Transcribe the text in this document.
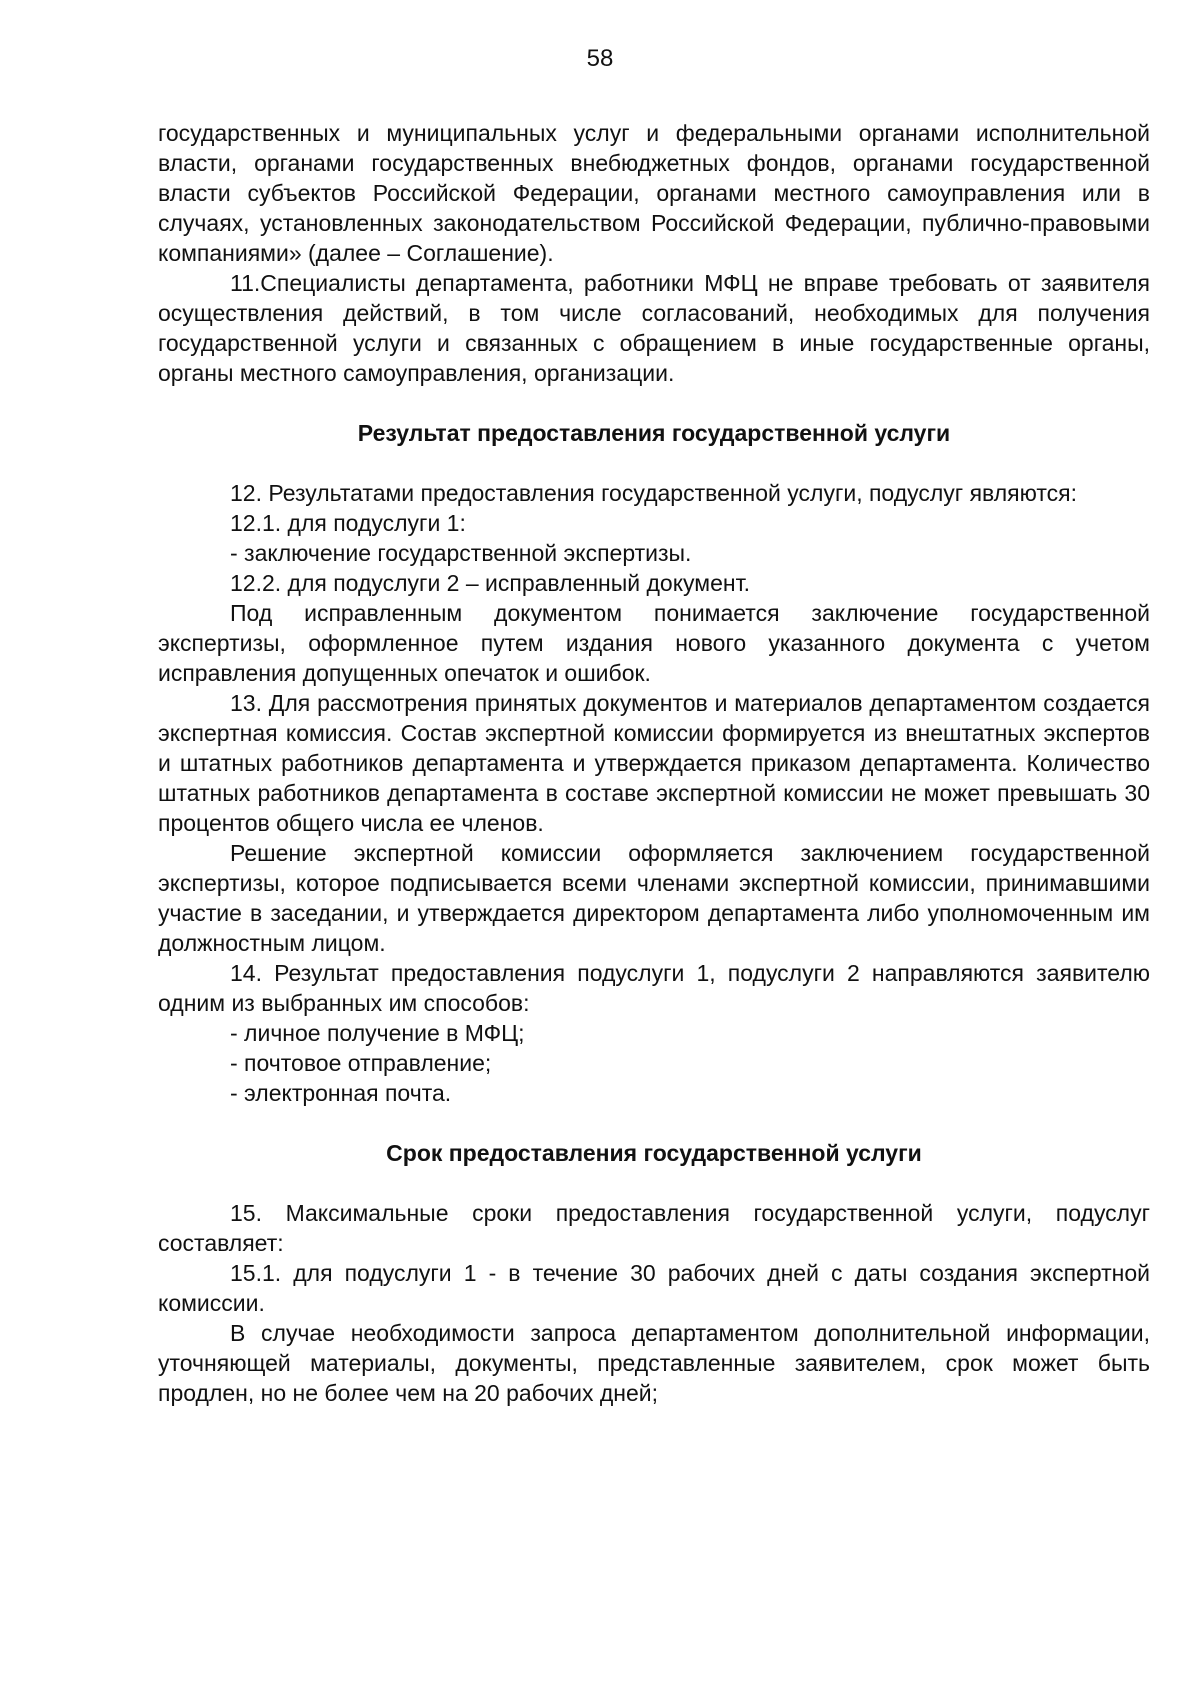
58

государственных и муниципальных услуг и федеральными органами исполнительной власти, органами государственных внебюджетных фондов, органами государственной власти субъектов Российской Федерации, органами местного самоуправления или в случаях, установленных законодательством Российской Федерации, публично-правовыми компаниями» (далее – Соглашение).

11.Специалисты департамента, работники МФЦ не вправе требовать от заявителя осуществления действий, в том числе согласований, необходимых для получения государственной услуги и связанных с обращением в иные государственные органы, органы местного самоуправления, организации.

Результат предоставления государственной услуги

12. Результатами предоставления государственной услуги, подуслуг являются:

12.1. для подуслуги 1:

- заключение государственной экспертизы.

12.2. для подуслуги 2 – исправленный документ.

Под исправленным документом понимается заключение государственной экспертизы, оформленное путем издания нового указанного документа с учетом исправления допущенных опечаток и ошибок.

13. Для рассмотрения принятых документов и материалов департаментом создается экспертная комиссия. Состав экспертной комиссии формируется из внештатных экспертов и штатных работников департамента и утверждается приказом департамента. Количество штатных работников департамента в составе экспертной комиссии не может превышать 30 процентов общего числа ее членов.

Решение экспертной комиссии оформляется заключением государственной экспертизы, которое подписывается всеми членами экспертной комиссии, принимавшими участие в заседании, и утверждается директором департамента либо уполномоченным им должностным лицом.

14. Результат предоставления подуслуги 1, подуслуги 2 направляются заявителю одним из выбранных им способов:

- личное получение в МФЦ;

- почтовое отправление;

- электронная почта.

Срок предоставления государственной услуги

15. Максимальные сроки предоставления государственной услуги, подуслуг составляет:

15.1. для подуслуги 1 - в течение 30 рабочих дней с даты создания экспертной комиссии.

В случае необходимости запроса департаментом дополнительной информации, уточняющей материалы, документы, представленные заявителем, срок может быть продлен, но не более чем на 20 рабочих дней;
